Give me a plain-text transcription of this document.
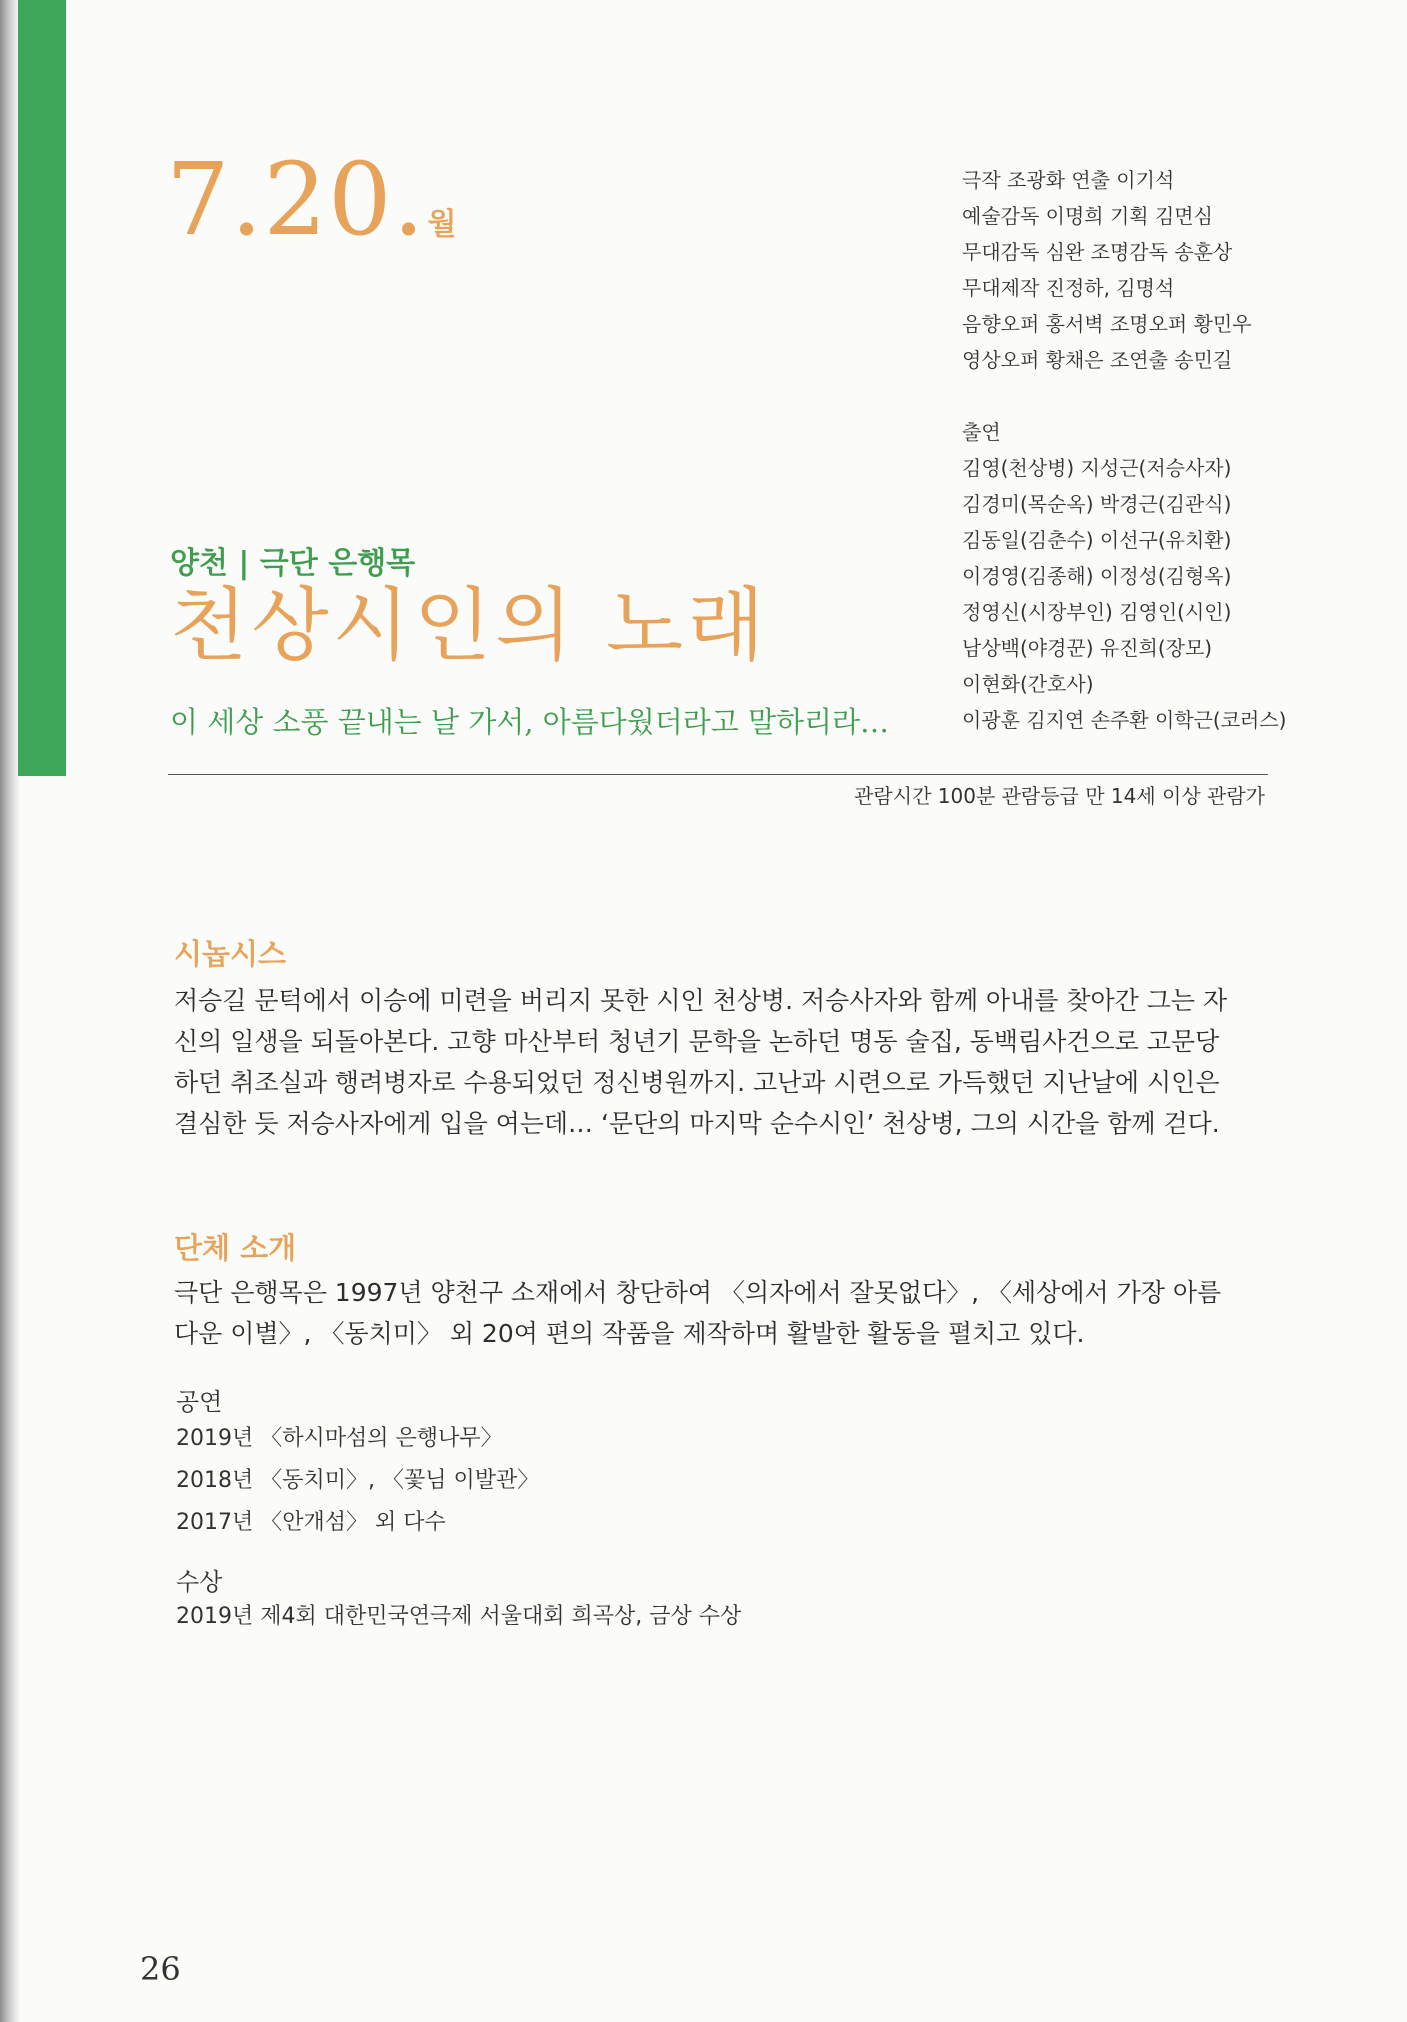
7.20.월
극작 조광화 연출 이기석
예술감독 이명희 기획 김면심
무대감독 심완 조명감독 송훈상
무대제작 진정하, 김명석
음향오퍼 홍서벽 조명오퍼 황민우
영상오퍼 황채은 조연출 송민길
출연
김영(천상병) 지성근(저승사자)
김경미(목순옥) 박경근(김관식)
김동일(김춘수) 이선구(유치환)
이경영(김종해) 이정성(김형옥)
정영신(시장부인) 김영인(시인)
남상백(야경꾼) 유진희(장모)
이현화(간호사)
이광훈 김지연 손주환 이학근(코러스)
양천 | 극단 은행목
천상시인의 노래
이 세상 소풍 끝내는 날 가서, 아름다웠더라고 말하리라…
관람시간 100분 관람등급 만 14세 이상 관람가
시놉시스
저승길 문턱에서 이승에 미련을 버리지 못한 시인 천상병. 저승사자와 함께 아내를 찾아간 그는 자신의 일생을 되돌아본다. 고향 마산부터 청년기 문학을 논하던 명동 술집, 동백림사건으로 고문당하던 취조실과 행려병자로 수용되었던 정신병원까지. 고난과 시련으로 가득했던 지난날에 시인은 결심한 듯 저승사자에게 입을 여는데… ‘문단의 마지막 순수시인’ 천상병, 그의 시간을 함께 걷다.
단체 소개
극단 은행목은 1997년 양천구 소재에서 창단하여 〈의자에서 잘못없다〉, 〈세상에서 가장 아름다운 이별〉, 〈동치미〉 외 20여 편의 작품을 제작하며 활발한 활동을 펼치고 있다.
공연
2019년 〈하시마섬의 은행나무〉
2018년 〈동치미〉, 〈꽃님 이발관〉
2017년 〈안개섬〉 외 다수
수상
2019년 제4회 대한민국연극제 서울대회 희곡상, 금상 수상
26
